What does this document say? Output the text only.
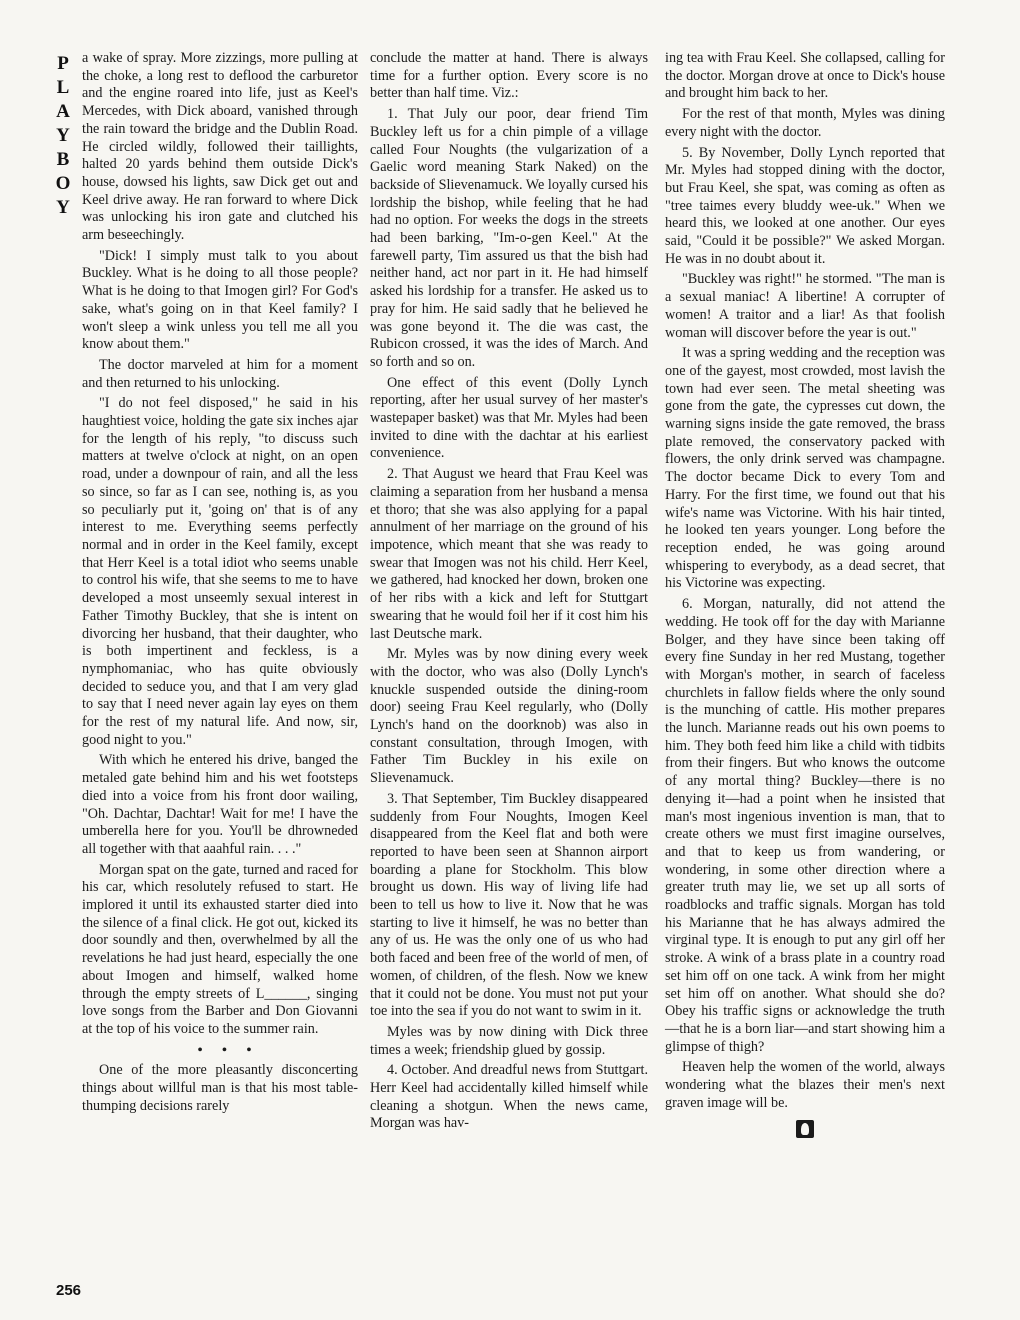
P
L
A
Y
B
O
Y

a wake of spray. More zizzings, more pulling at the choke, a long rest to deflood the carburetor and the engine roared into life, just as Keel's Mercedes, with Dick aboard, vanished through the rain toward the bridge and the Dublin Road. He circled wildly, followed their taillights, halted 20 yards behind them outside Dick's house, dowsed his lights, saw Dick get out and Keel drive away. He ran forward to where Dick was unlocking his iron gate and clutched his arm beseechingly.

"Dick! I simply must talk to you about Buckley. What is he doing to all those people? What is he doing to that Imogen girl? For God's sake, what's going on in that Keel family? I won't sleep a wink unless you tell me all you know about them."

The doctor marveled at him for a moment and then returned to his unlocking.

"I do not feel disposed," he said in his haughtiest voice, holding the gate six inches ajar for the length of his reply, "to discuss such matters at twelve o'clock at night, on an open road, under a downpour of rain, and all the less so since, so far as I can see, nothing is, as you so peculiarly put it, 'going on' that is of any interest to me. Everything seems perfectly normal and in order in the Keel family, except that Herr Keel is a total idiot who seems unable to control his wife, that she seems to me to have developed a most unseemly sexual interest in Father Timothy Buckley, that she is intent on divorcing her husband, that their daughter, who is both impertinent and feckless, is a nymphomaniac, who has quite obviously decided to seduce you, and that I am very glad to say that I need never again lay eyes on them for the rest of my natural life. And now, sir, good night to you."

With which he entered his drive, banged the metaled gate behind him and his wet footsteps died into a voice from his front door wailing, "Oh. Dachtar, Dachtar! Wait for me! I have the umberella here for you. You'll be dhrowneded all together with that aaahful rain. . . ."

Morgan spat on the gate, turned and raced for his car, which resolutely refused to start. He implored it until its exhausted starter died into the silence of a final click. He got out, kicked its door soundly and then, overwhelmed by all the revelations he had just heard, especially the one about Imogen and himself, walked home through the empty streets of L______, singing love songs from the Barber and Don Giovanni at the top of his voice to the summer rain.

• • •

One of the more pleasantly disconcerting things about willful man is that his most table-thumping decisions rarely

conclude the matter at hand. There is always time for a further option. Every score is no better than half time. Viz.:

1. That July our poor, dear friend Tim Buckley left us for a chin pimple of a village called Four Noughts (the vulgarization of a Gaelic word meaning Stark Naked) on the backside of Slievenamuck. We loyally cursed his lordship the bishop, while feeling that he had had no option. For weeks the dogs in the streets had been barking, "Im-o-gen Keel." At the farewell party, Tim assured us that the bish had neither hand, act nor part in it. He had himself asked his lordship for a transfer. He asked us to pray for him. He said sadly that he believed he was gone beyond it. The die was cast, the Rubicon crossed, it was the ides of March. And so forth and so on.

One effect of this event (Dolly Lynch reporting, after her usual survey of her master's wastepaper basket) was that Mr. Myles had been invited to dine with the dachtar at his earliest convenience.

2. That August we heard that Frau Keel was claiming a separation from her husband a mensa et thoro; that she was also applying for a papal annulment of her marriage on the ground of his impotence, which meant that she was ready to swear that Imogen was not his child. Herr Keel, we gathered, had knocked her down, broken one of her ribs with a kick and left for Stuttgart swearing that he would foil her if it cost him his last Deutsche mark.

Mr. Myles was by now dining every week with the doctor, who was also (Dolly Lynch's knuckle suspended outside the dining-room door) seeing Frau Keel regularly, who (Dolly Lynch's hand on the doorknob) was also in constant consultation, through Imogen, with Father Tim Buckley in his exile on Slievenamuck.

3. That September, Tim Buckley disappeared suddenly from Four Noughts, Imogen Keel disappeared from the Keel flat and both were reported to have been seen at Shannon airport boarding a plane for Stockholm. This blow brought us down. His way of living life had been to tell us how to live it. Now that he was starting to live it himself, he was no better than any of us. He was the only one of us who had both faced and been free of the world of men, of women, of children, of the flesh. Now we knew that it could not be done. You must not put your toe into the sea if you do not want to swim in it.

Myles was by now dining with Dick three times a week; friendship glued by gossip.

4. October. And dreadful news from Stuttgart. Herr Keel had accidentally killed himself while cleaning a shotgun. When the news came, Morgan was hav-

ing tea with Frau Keel. She collapsed, calling for the doctor. Morgan drove at once to Dick's house and brought him back to her.

For the rest of that month, Myles was dining every night with the doctor.

5. By November, Dolly Lynch reported that Mr. Myles had stopped dining with the doctor, but Frau Keel, she spat, was coming as often as "tree taimes every bluddy wee-uk." When we heard this, we looked at one another. Our eyes said, "Could it be possible?" We asked Morgan. He was in no doubt about it.

"Buckley was right!" he stormed. "The man is a sexual maniac! A libertine! A corrupter of women! A traitor and a liar! As that foolish woman will discover before the year is out."

It was a spring wedding and the reception was one of the gayest, most crowded, most lavish the town had ever seen. The metal sheeting was gone from the gate, the cypresses cut down, the warning signs inside the gate removed, the brass plate removed, the conservatory packed with flowers, the only drink served was champagne. The doctor became Dick to every Tom and Harry. For the first time, we found out that his wife's name was Victorine. With his hair tinted, he looked ten years younger. Long before the reception ended, he was going around whispering to everybody, as a dead secret, that his Victorine was expecting.

6. Morgan, naturally, did not attend the wedding. He took off for the day with Marianne Bolger, and they have since been taking off every fine Sunday in her red Mustang, together with Morgan's mother, in search of faceless churchlets in fallow fields where the only sound is the munching of cattle. His mother prepares the lunch. Marianne reads out his own poems to him. They both feed him like a child with tidbits from their fingers. But who knows the outcome of any mortal thing? Buckley—there is no denying it—had a point when he insisted that man's most ingenious invention is man, that to create others we must first imagine ourselves, and that to keep us from wandering, or wondering, in some other direction where a greater truth may lie, we set up all sorts of roadblocks and traffic signals. Morgan has told his Marianne that he has always admired the virginal type. It is enough to put any girl off her stroke. A wink of a brass plate in a country road set him off on one tack. A wink from her might set him off on another. What should she do? Obey his traffic signs or acknowledge the truth—that he is a born liar—and start showing him a glimpse of thigh?

Heaven help the women of the world, always wondering what the blazes their men's next graven image will be.

256
